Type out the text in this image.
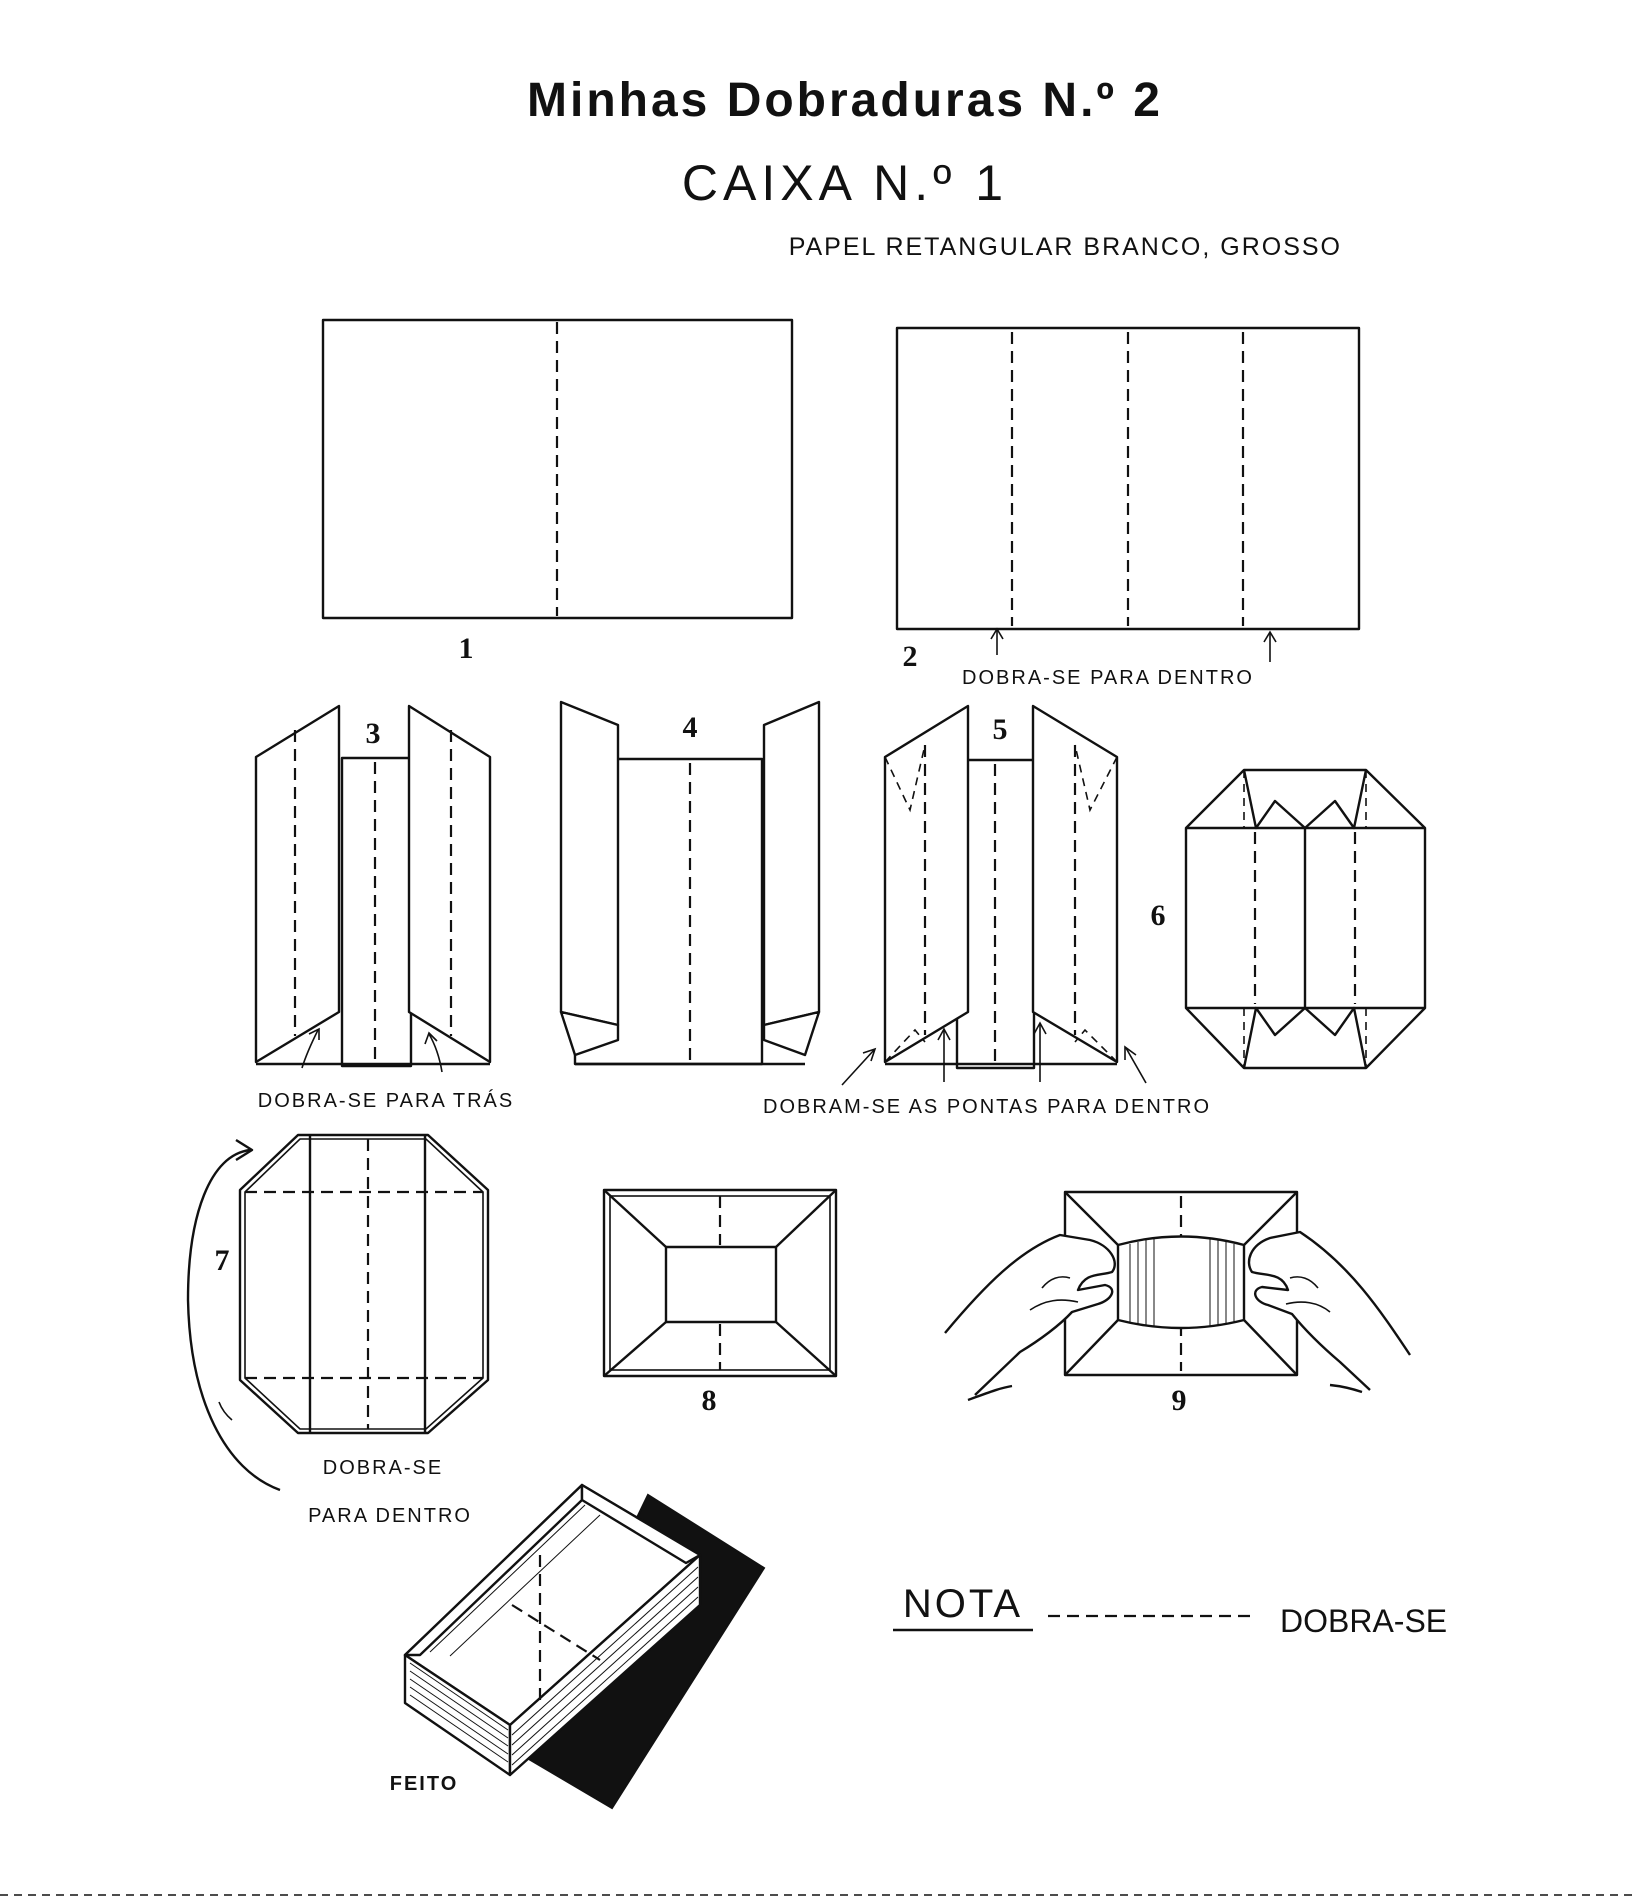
Minhas Dobraduras N.º 2
CAIXA N.º 1
PAPEL RETANGULAR BRANCO, GROSSO
1	2
DOBRA-SE PARA DENTRO
3
DOBRA-SE PARA TRÁS
4	5
DOBRAM-SE AS PONTAS PARA DENTRO
6
7
DOBRA-SE
PARA DENTRO
8	9
FEITO
NOTA	DOBRA-SE
